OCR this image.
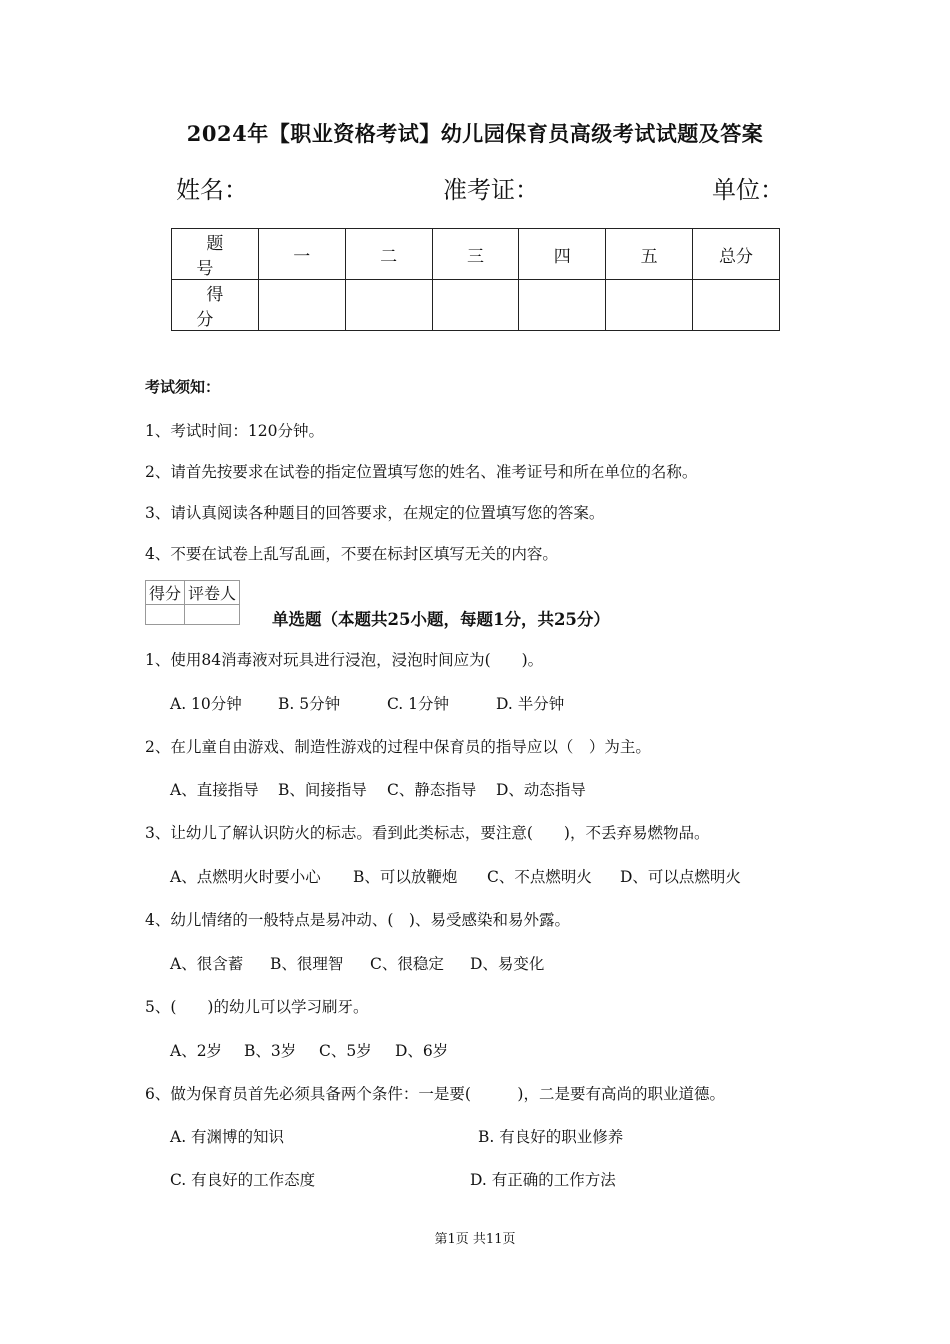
2024年【职业资格考试】幼儿园保育员高级考试试题及答案
姓名：	准考证：	单位：
题 号	一	二	三	四	五	总分
得 分						
考试须知：
1、考试时间：120分钟。
2、请首先按要求在试卷的指定位置填写您的姓名、准考证号和所在单位的名称。
3、请认真阅读各种题目的回答要求，在规定的位置填写您的答案。
4、不要在试卷上乱写乱画，不要在标封区填写无关的内容。
得分	评卷人

单选题（本题共25小题，每题1分，共25分）
1、使用84消毒液对玩具进行浸泡，浸泡时间应为(　　)。
A. 10分钟 B. 5分钟	C. 1分钟	D. 半分钟
2、在儿童自由游戏、制造性游戏的过程中保育员的指导应以（　）为主。
A、直接指导 B、间接指导 C、静态指导 D、动态指导
3、让幼儿了解认识防火的标志。看到此类标志，要注意(　　)，不丢弃易燃物品。
A、点燃明火时要小心 B、可以放鞭炮 C、不点燃明火 D、可以点燃明火
4、幼儿情绪的一般特点是易冲动、(　)、易受感染和易外露。
A、很含蓄 B、很理智 C、很稳定 D、易变化
5、(　　)的幼儿可以学习刷牙。
A、2岁 B、3岁 C、5岁 D、6岁
6、做为保育员首先必须具备两个条件：一是要(　　　)，二是要有高尚的职业道德。
A. 有渊博的知识	B. 有良好的职业修养
C. 有良好的工作态度	D. 有正确的工作方法
第1页 共11页
